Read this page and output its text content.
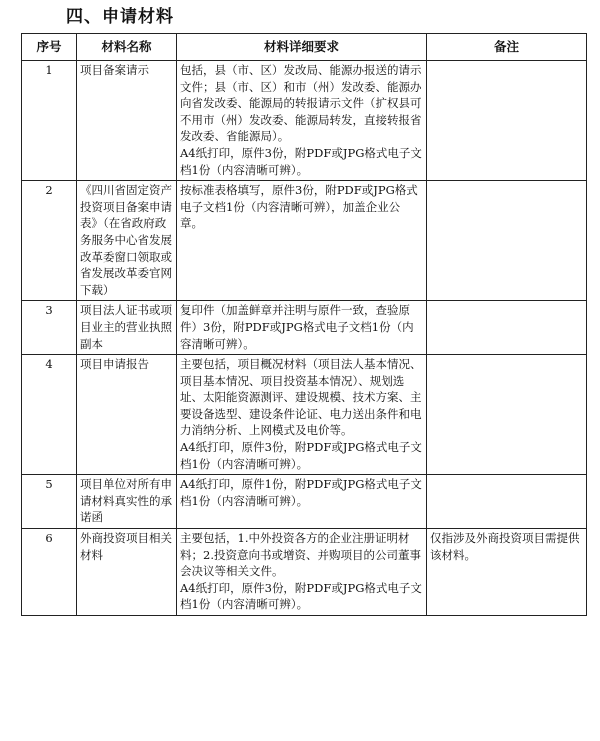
四、申请材料
序号	材料名称	材料详细要求	备注
1	项目备案请示	包括，县（市、区）发改局、能源办报送的请示文件；县（市、区）和市（州）发改委、能源办向省发改委、能源局的转报请示文件（扩权县可不用市（州）发改委、能源局转发，直接转报省发改委、省能源局）。
A4纸打印，原件3份，附PDF或JPG格式电子文档1份（内容清晰可辨）。	

2	《四川省固定资产投资项目备案申请表》（在省政府政务服务中心省发展改革委窗口领取或省发展改革委官网下载）	按标准表格填写，原件3份，附PDF或JPG格式电子文档1份（内容清晰可辨），加盖企业公章。	

3	项目法人证书或项目业主的营业执照副本	复印件（加盖鲜章并注明与原件一致，查验原件）3份，附PDF或JPG格式电子文档1份（内容清晰可辨）。	

4	项目申请报告	主要包括，项目概况材料（项目法人基本情况、项目基本情况、项目投资基本情况）、规划选址、太阳能资源测评、建设规模、技术方案、主要设备选型、建设条件论证、电力送出条件和电力消纳分析、上网模式及电价等。
A4纸打印，原件3份，附PDF或JPG格式电子文档1份（内容清晰可辨）。	

5	项目单位对所有申请材料真实性的承诺函	A4纸打印，原件1份，附PDF或JPG格式电子文档1份（内容清晰可辨）。	

6	外商投资项目相关材料	主要包括，1.中外投资各方的企业注册证明材料；2.投资意向书或增资、并购项目的公司董事会决议等相关文件。
A4纸打印，原件3份，附PDF或JPG格式电子文档1份（内容清晰可辨）。	仅指涉及外商投资项目需提供该材料。
